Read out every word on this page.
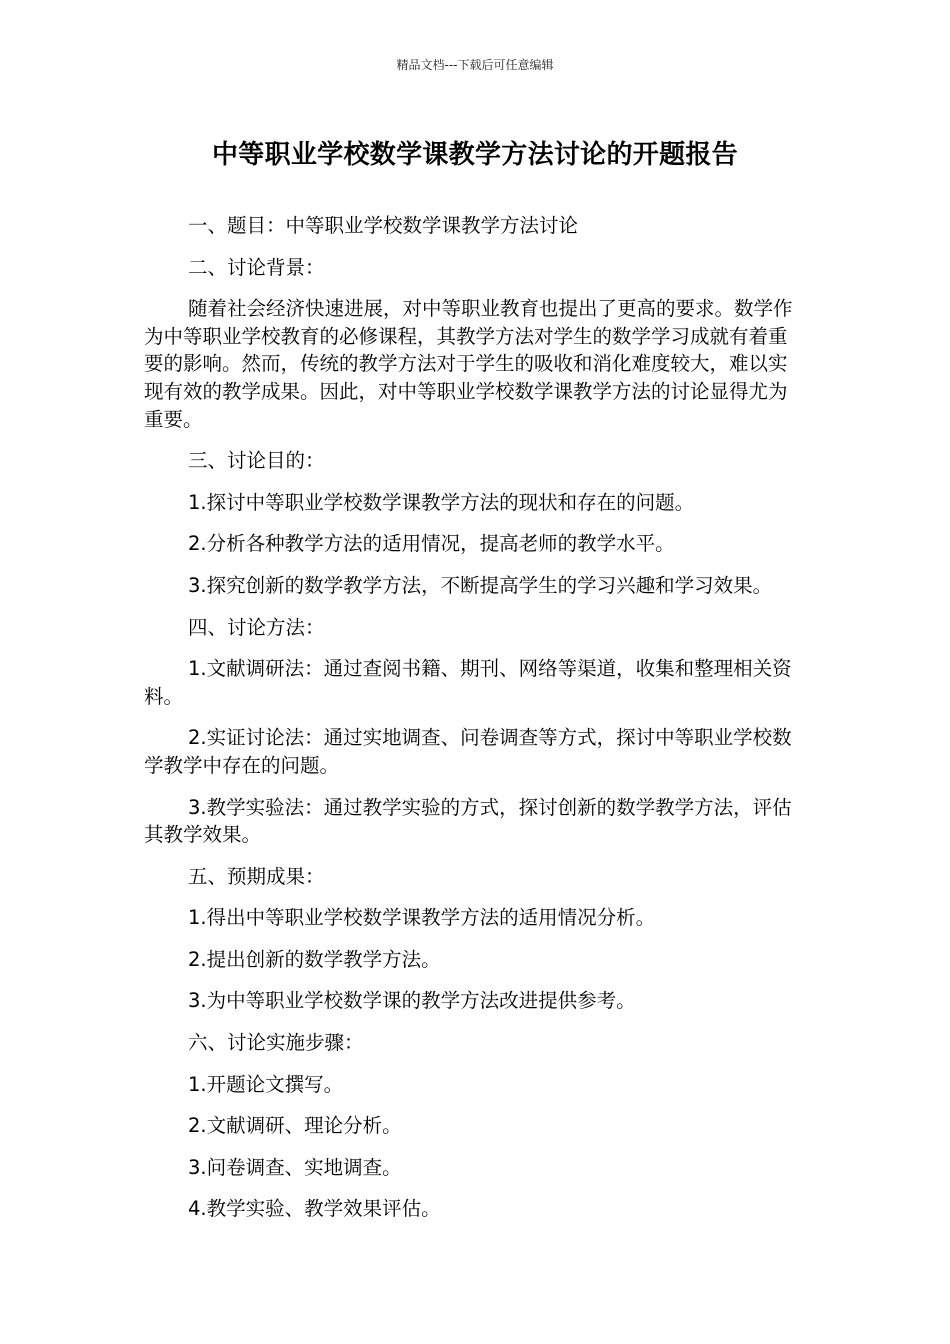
精品文档---下载后可任意编辑
中等职业学校数学课教学方法讨论的开题报告

一、题目：中等职业学校数学课教学方法讨论

二、讨论背景：

随着社会经济快速进展，对中等职业教育也提出了更高的要求。数学作为中等职业学校教育的必修课程，其教学方法对学生的数学学习成就有着重要的影响。然而，传统的教学方法对于学生的吸收和消化难度较大，难以实现有效的教学成果。因此，对中等职业学校数学课教学方法的讨论显得尤为重要。

三、讨论目的：

1.探讨中等职业学校数学课教学方法的现状和存在的问题。

2.分析各种教学方法的适用情况，提高老师的教学水平。

3.探究创新的数学教学方法，不断提高学生的学习兴趣和学习效果。

四、讨论方法：

1.文献调研法：通过查阅书籍、期刊、网络等渠道，收集和整理相关资料。

2.实证讨论法：通过实地调查、问卷调查等方式，探讨中等职业学校数学教学中存在的问题。

3.教学实验法：通过教学实验的方式，探讨创新的数学教学方法，评估其教学效果。

五、预期成果：

1.得出中等职业学校数学课教学方法的适用情况分析。

2.提出创新的数学教学方法。

3.为中等职业学校数学课的教学方法改进提供参考。

六、讨论实施步骤：

1.开题论文撰写。

2.文献调研、理论分析。

3.问卷调查、实地调查。

4.教学实验、教学效果评估。
